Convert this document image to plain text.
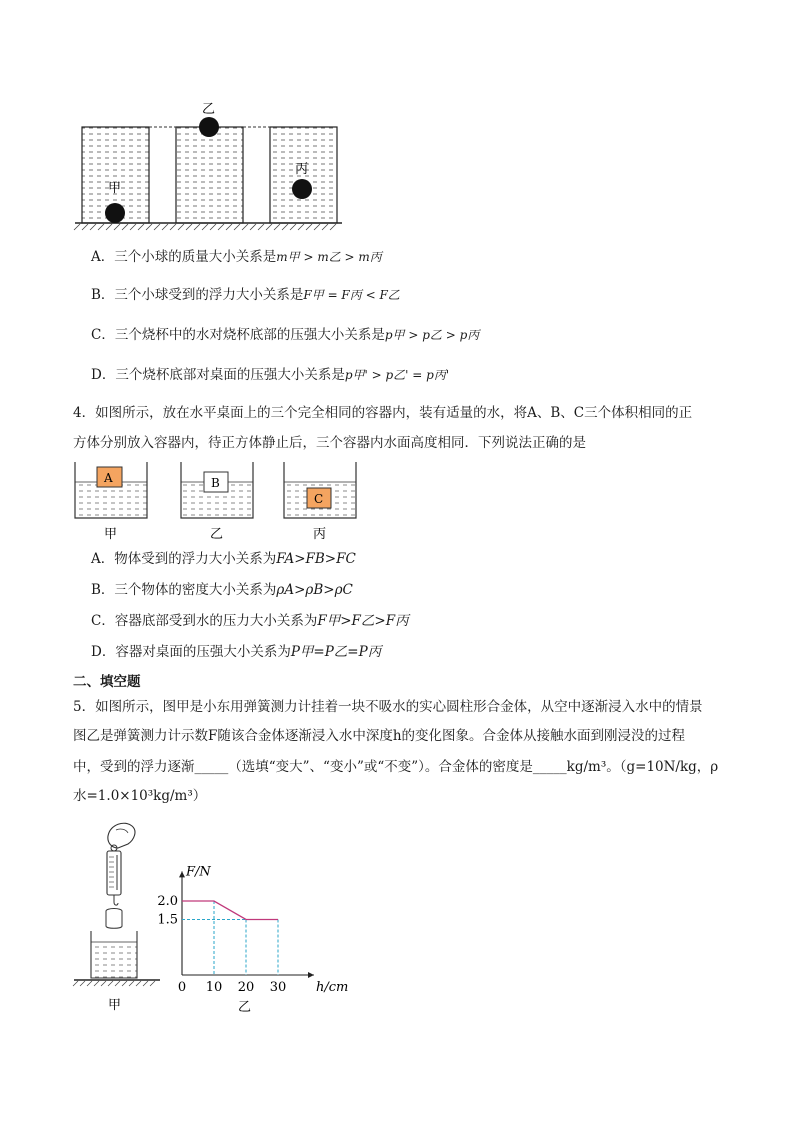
乙
甲
丙
A．三个小球的质量大小关系是m甲 > m乙 > m丙
B．三个小球受到的浮力大小关系是F甲 = F丙 < F乙
C．三个烧杯中的水对烧杯底部的压强大小关系是p甲 > p乙 > p丙
D．三个烧杯底部对桌面的压强大小关系是p甲' > p乙' = p丙'
4．如图所示，放在水平桌面上的三个完全相同的容器内，装有适量的水，将A、B、C三个体积相同的正
方体分别放入容器内，待正方体静止后，三个容器内水面高度相同．下列说法正确的是
A	B
C
甲	乙	丙
A．物体受到的浮力大小关系为FA>FB>FC
B．三个物体的密度大小关系为ρA>ρB>ρC
C．容器底部受到水的压力大小关系为F甲>F乙>F丙
D．容器对桌面的压强大小关系为P甲=P乙=P丙
二、填空题
5．如图所示，图甲是小东用弹簧测力计挂着一块不吸水的实心圆柱形合金体，从空中逐渐浸入水中的情景
图乙是弹簧测力计示数F随该合金体逐渐浸入水中深度h的变化图象。合金体从接触水面到刚浸没的过程
中，受到的浮力逐渐_____（选填“变大”、“变小”或“不变”）。合金体的密度是_____kg/m³。（g=10N/kg，ρ
水=1.0×10³kg/m³）
甲
0 10 20 30
2.0
1.5
F/N
h/cm
乙
